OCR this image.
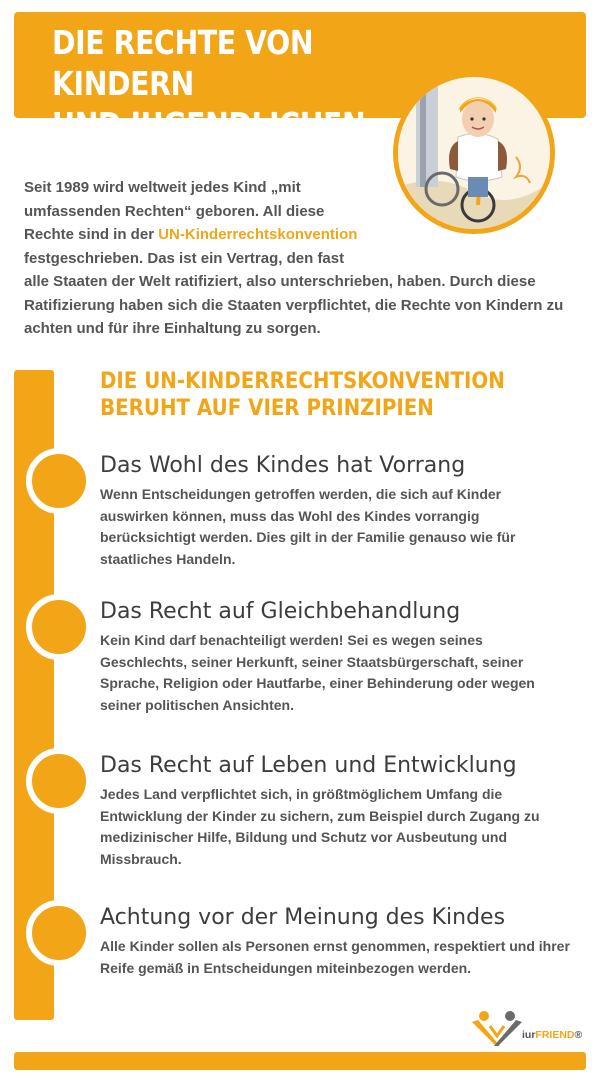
DIE RECHTE VON KINDERN
UND JUGENDLICHEN

Seit 1989 wird weltweit jedes Kind „mit umfassenden Rechten“ geboren. All diese Rechte sind in der UN-Kinderrechtskonvention festgeschrieben. Das ist ein Vertrag, den fast
alle Staaten der Welt ratifiziert, also unterschrieben, haben. Durch diese Ratifizierung haben sich die Staaten verpflichtet, die Rechte von Kindern zu achten und für ihre Einhaltung zu sorgen.

DIE UN-KINDERRECHTSKONVENTION
BERUHT AUF VIER PRINZIPIEN
Das Wohl des Kindes hat Vorrang

Wenn Entscheidungen getroffen werden, die sich auf Kinder auswirken können, muss das Wohl des Kindes vorrangig berücksichtigt werden. Dies gilt in der Familie genauso wie für staatliches Handeln.

Das Recht auf Gleichbehandlung

Kein Kind darf benachteiligt werden! Sei es wegen seines Geschlechts, seiner Herkunft, seiner Staatsbürgerschaft, seiner Sprache, Religion oder Hautfarbe, einer Behinderung oder wegen seiner politischen Ansichten.

Das Recht auf Leben und Entwicklung

Jedes Land verpflichtet sich, in größtmöglichem Umfang die Entwicklung der Kinder zu sichern, zum Beispiel durch Zugang zu medizinischer Hilfe, Bildung und Schutz vor Ausbeutung und Missbrauch.

Achtung vor der Meinung des Kindes

Alle Kinder sollen als Personen ernst genommen, respektiert und ihrer Reife gemäß in Entscheidungen miteinbezogen werden.

iurFRIEND®
